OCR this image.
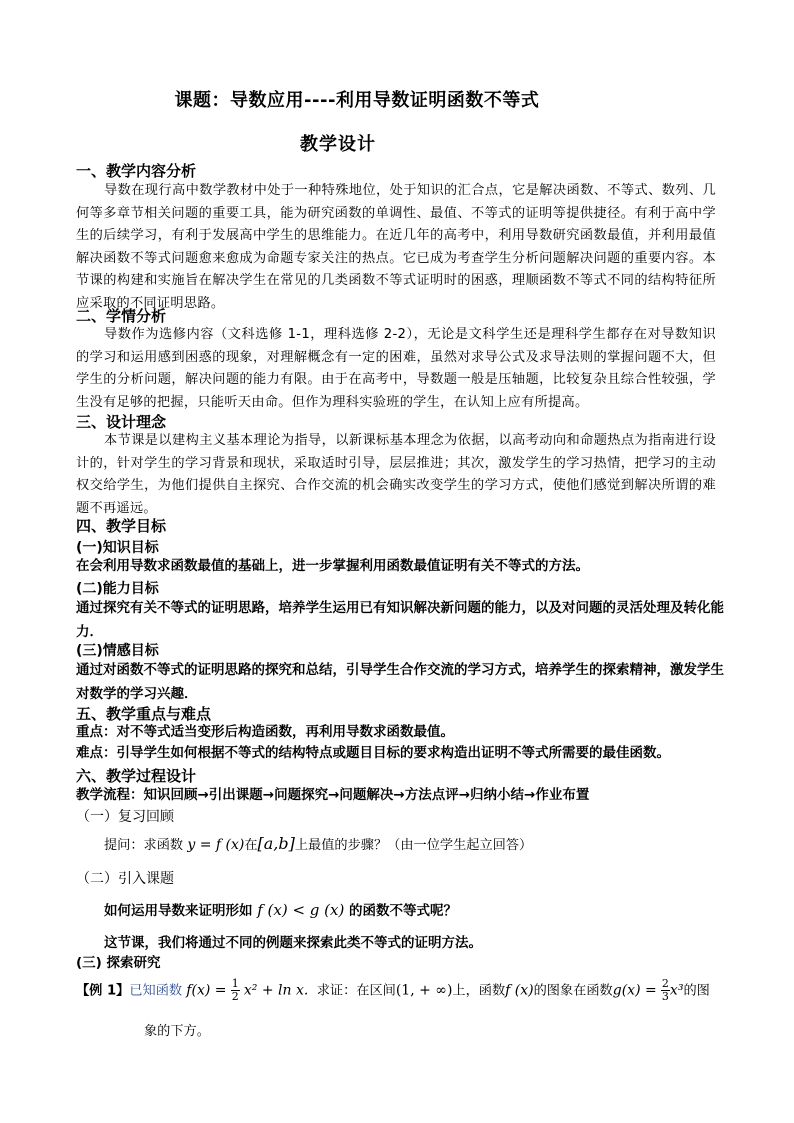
课题：导数应用----利用导数证明函数不等式
教学设计
一、教学内容分析
导数在现行高中数学教材中处于一种特殊地位，处于知识的汇合点，它是解决函数、不等式、数列、几何等多章节相关问题的重要工具，能为研究函数的单调性、最值、不等式的证明等提供捷径。有利于高中学生的后续学习，有利于发展高中学生的思维能力。在近几年的高考中，利用导数研究函数最值，并利用最值解决函数不等式问题愈来愈成为命题专家关注的热点。它已成为考查学生分析问题解决问题的重要内容。本节课的构建和实施旨在解决学生在常见的几类函数不等式证明时的困惑，理顺函数不等式不同的结构特征所应采取的不同证明思路。
二、学情分析
导数作为选修内容（文科选修 1-1，理科选修 2-2），无论是文科学生还是理科学生都存在对导数知识的学习和运用感到困惑的现象，对理解概念有一定的困难，虽然对求导公式及求导法则的掌握问题不大，但学生的分析问题，解决问题的能力有限。由于在高考中，导数题一般是压轴题，比较复杂且综合性较强，学生没有足够的把握，只能听天由命。但作为理科实验班的学生，在认知上应有所提高。
三、设计理念
本节课是以建构主义基本理论为指导，以新课标基本理念为依据，以高考动向和命题热点为指南进行设计的，针对学生的学习背景和现状，采取适时引导，层层推进；其次，激发学生的学习热情，把学习的主动权交给学生，为他们提供自主探究、合作交流的机会确实改变学生的学习方式，使他们感觉到解决所谓的难题不再遥远。
四、教学目标
(一)知识目标
在会利用导数求函数最值的基础上，进一步掌握利用函数最值证明有关不等式的方法。
(二)能力目标
通过探究有关不等式的证明思路，培养学生运用已有知识解决新问题的能力，以及对问题的灵活处理及转化能力．
(三)情感目标
通过对函数不等式的证明思路的探究和总结，引导学生合作交流的学习方式，培养学生的探索精神，激发学生对数学的学习兴趣．
五、教学重点与难点
重点：对不等式适当变形后构造函数，再利用导数求函数最值。
难点：引导学生如何根据不等式的结构特点或题目目标的要求构造出证明不等式所需要的最佳函数。
六、教学过程设计
教学流程：知识回顾→引出课题→问题探究→问题解决→方法点评→归纳小结→作业布置
（一）复习回顾
提问：求函数 y = f (x)在[a,b]上最值的步骤？（由一位学生起立回答）
（二）引入课题
如何运用导数来证明形如 f (x) < g (x) 的函数不等式呢？
这节课，我们将通过不同的例题来探索此类不等式的证明方法。
(三) 探索研究
【例 1】已知函数 $f(x) = \frac{1}{2} x^2 + \ln x$. 求证：在区间(1, + ∞)上，函数f (x)的图象在函数$g(x) = \frac{2}{3} x^3$的图
象的下方。
